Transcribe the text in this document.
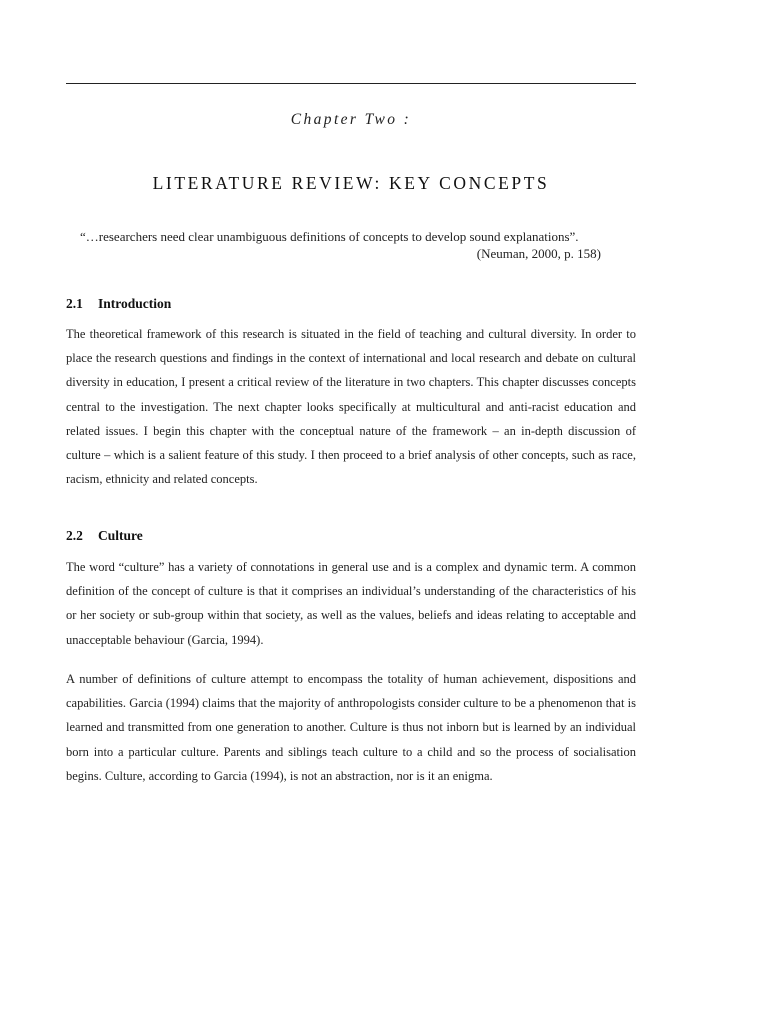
Chapter Two :
LITERATURE REVIEW: KEY CONCEPTS
“…researchers need clear unambiguous definitions of concepts to develop sound explanations”.
(Neuman, 2000, p. 158)
2.1 Introduction

The theoretical framework of this research is situated in the field of teaching and cultural diversity. In order to place the research questions and findings in the context of international and local research and debate on cultural diversity in education, I present a critical review of the literature in two chapters. This chapter discusses concepts central to the investigation. The next chapter looks specifically at multicultural and anti-racist education and related issues. I begin this chapter with the conceptual nature of the framework – an in-depth discussion of culture – which is a salient feature of this study. I then proceed to a brief analysis of other concepts, such as race, racism, ethnicity and related concepts.

2.2 Culture

The word “culture” has a variety of connotations in general use and is a complex and dynamic term. A common definition of the concept of culture is that it comprises an individual’s understanding of the characteristics of his or her society or sub-group within that society, as well as the values, beliefs and ideas relating to acceptable and unacceptable behaviour (Garcia, 1994).

A number of definitions of culture attempt to encompass the totality of human achievement, dispositions and capabilities. Garcia (1994) claims that the majority of anthropologists consider culture to be a phenomenon that is learned and transmitted from one generation to another. Culture is thus not inborn but is learned by an individual born into a particular culture. Parents and siblings teach culture to a child and so the process of socialisation begins. Culture, according to Garcia (1994), is not an abstraction, nor is it an enigma.
